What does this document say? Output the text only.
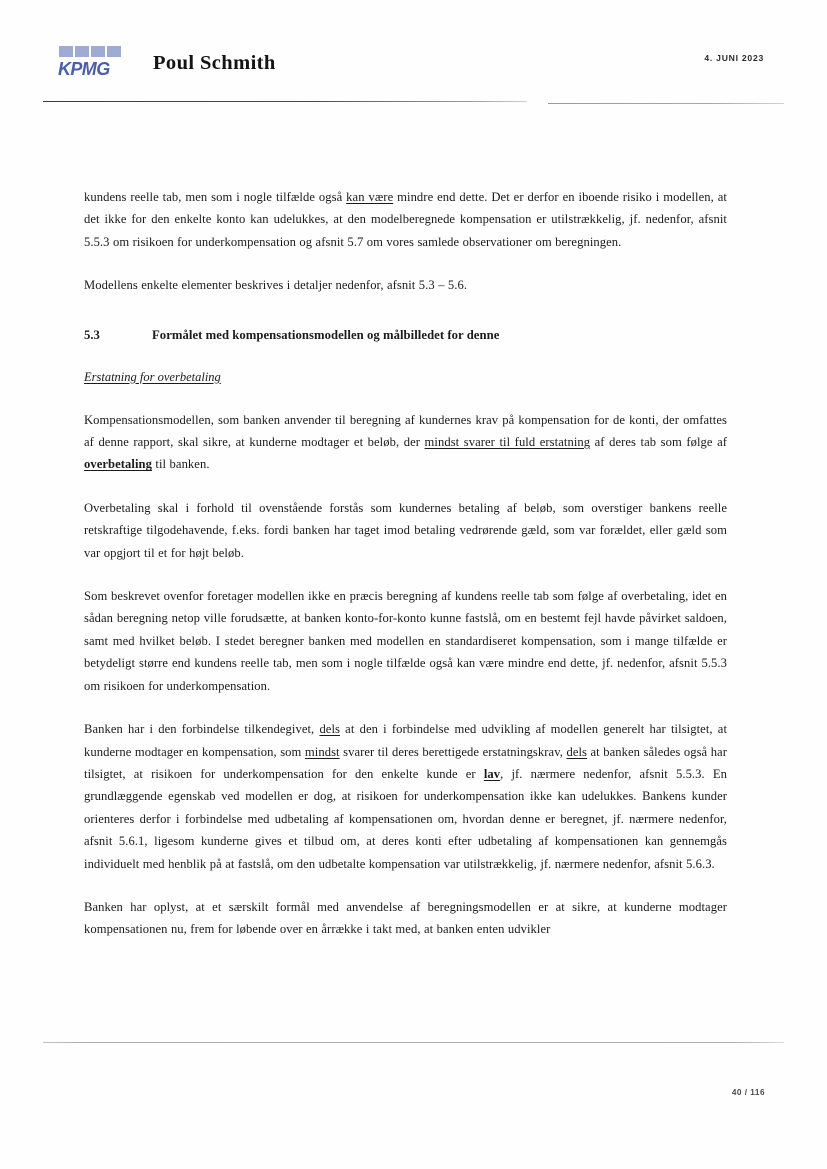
KPMG Poul Schmith	4. JUNI 2023

kundens reelle tab, men som i nogle tilfælde også kan være mindre end dette. Det er derfor en iboende risiko i modellen, at det ikke for den enkelte konto kan udelukkes, at den modelberegnede kompensation er utilstrækkelig, jf. nedenfor, afsnit 5.5.3 om risikoen for underkompensation og afsnit 5.7 om vores samlede observationer om beregningen.

Modellens enkelte elementer beskrives i detaljer nedenfor, afsnit 5.3 – 5.6.

5.3	Formålet med kompensationsmodellen og målbilledet for denne

Erstatning for overbetaling

Kompensationsmodellen, som banken anvender til beregning af kundernes krav på kompensation for de konti, der omfattes af denne rapport, skal sikre, at kunderne modtager et beløb, der mindst svarer til fuld erstatning af deres tab som følge af overbetaling til banken.

Overbetaling skal i forhold til ovenstående forstås som kundernes betaling af beløb, som overstiger bankens reelle retskraftige tilgodehavende, f.eks. fordi banken har taget imod betaling vedrørende gæld, som var forældet, eller gæld som var opgjort til et for højt beløb.

Som beskrevet ovenfor foretager modellen ikke en præcis beregning af kundens reelle tab som følge af overbetaling, idet en sådan beregning netop ville forudsætte, at banken konto-for-konto kunne fastslå, om en bestemt fejl havde påvirket saldoen, samt med hvilket beløb. I stedet beregner banken med modellen en standardiseret kompensation, som i mange tilfælde er betydeligt større end kundens reelle tab, men som i nogle tilfælde også kan være mindre end dette, jf. nedenfor, afsnit 5.5.3 om risikoen for underkompensation.

Banken har i den forbindelse tilkendegivet, dels at den i forbindelse med udvikling af modellen generelt har tilsigtet, at kunderne modtager en kompensation, som mindst svarer til deres berettigede erstatningskrav, dels at banken således også har tilsigtet, at risikoen for underkompensation for den enkelte kunde er lav, jf. nærmere nedenfor, afsnit 5.5.3. En grundlæggende egenskab ved modellen er dog, at risikoen for underkompensation ikke kan udelukkes. Bankens kunder orienteres derfor i forbindelse med udbetaling af kompensationen om, hvordan denne er beregnet, jf. nærmere nedenfor, afsnit 5.6.1, ligesom kunderne gives et tilbud om, at deres konti efter udbetaling af kompensationen kan gennemgås individuelt med henblik på at fastslå, om den udbetalte kompensation var utilstrækkelig, jf. nærmere nedenfor, afsnit 5.6.3.

Banken har oplyst, at et særskilt formål med anvendelse af beregningsmodellen er at sikre, at kunderne modtager kompensationen nu, frem for løbende over en årrække i takt med, at banken enten udvikler

40 / 116
